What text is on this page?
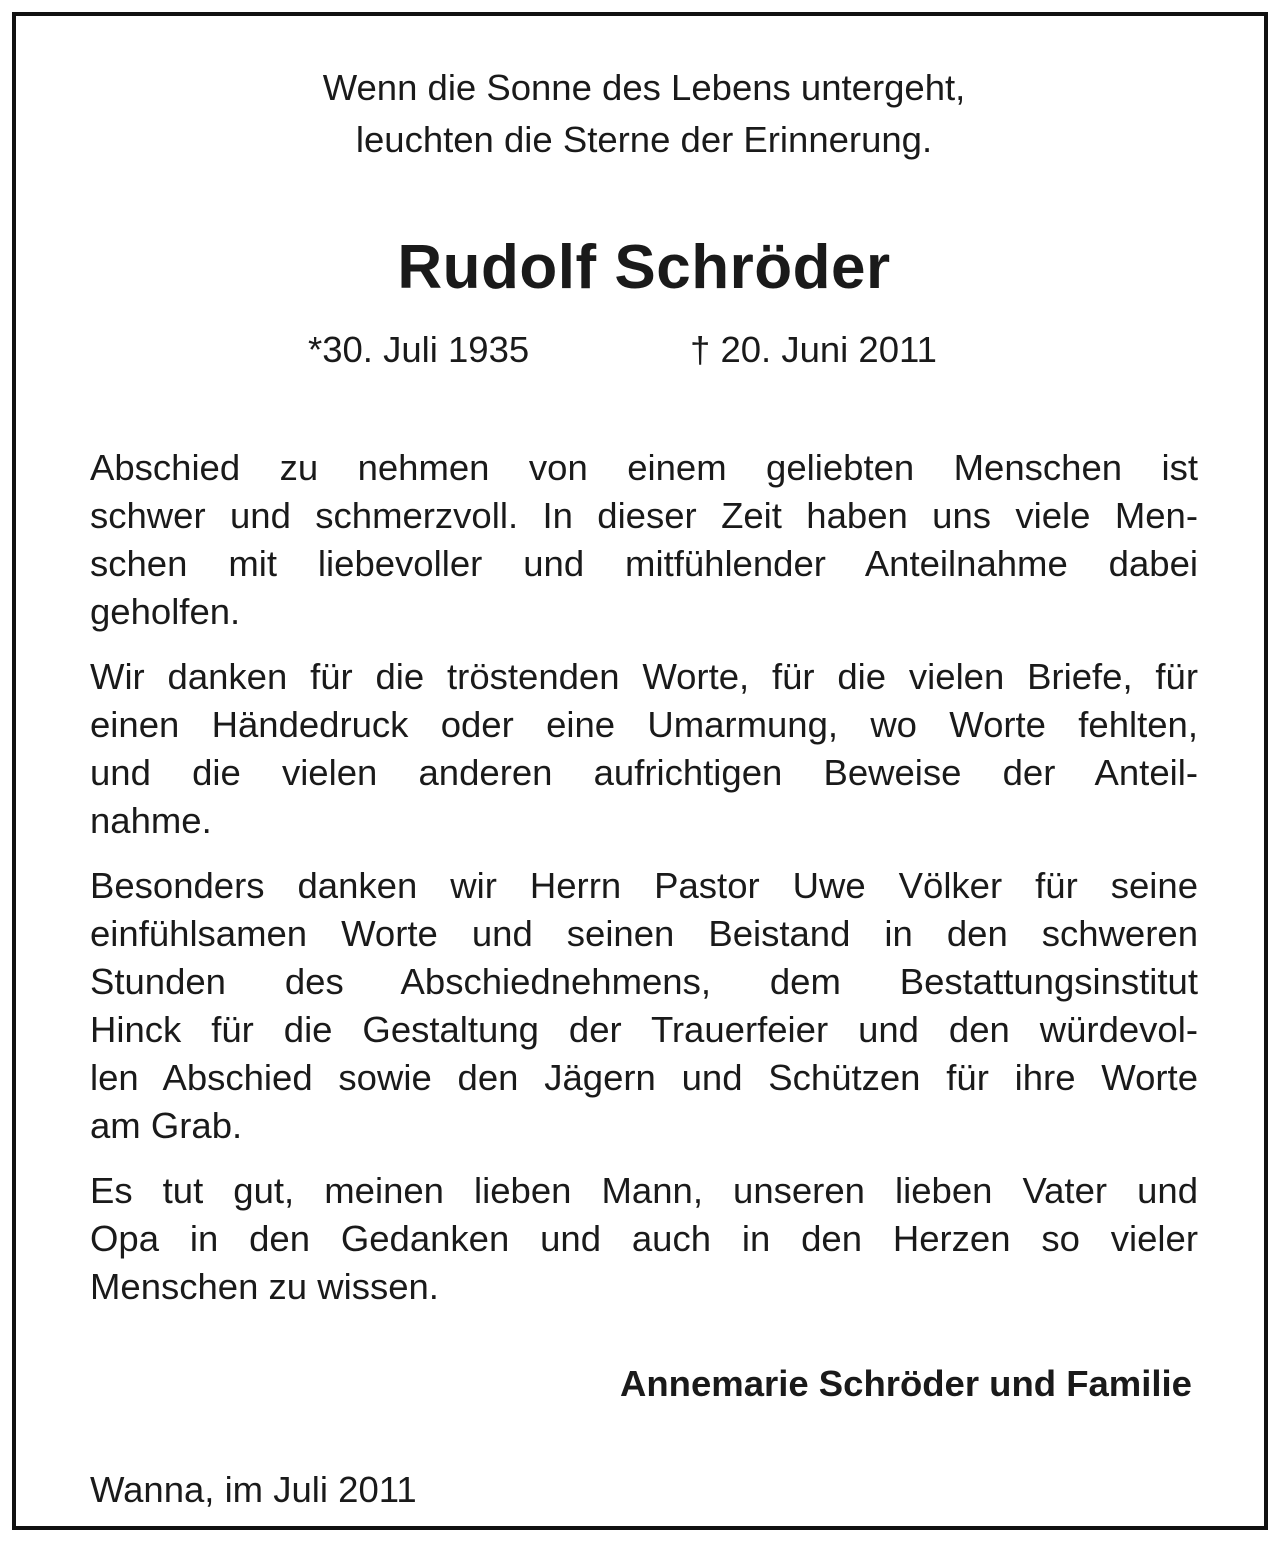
Wenn die Sonne des Lebens untergeht,
leuchten die Sterne der Erinnerung.
Rudolf Schröder
*30. Juli 1935	† 20. Juni 2011

Abschied zu nehmen von einem geliebten Menschen ist
schwer und schmerzvoll. In dieser Zeit haben uns viele Men-
schen mit liebevoller und mitfühlender Anteilnahme dabei
geholfen.

Wir danken für die tröstenden Worte, für die vielen Briefe, für
einen Händedruck oder eine Umarmung, wo Worte fehlten,
und die vielen anderen aufrichtigen Beweise der Anteil-
nahme.

Besonders danken wir Herrn Pastor Uwe Völker für seine
einfühlsamen Worte und seinen Beistand in den schweren
Stunden des Abschiednehmens, dem Bestattungsinstitut
Hinck für die Gestaltung der Trauerfeier und den würdevol-
len Abschied sowie den Jägern und Schützen für ihre Worte
am Grab.

Es tut gut, meinen lieben Mann, unseren lieben Vater und
Opa in den Gedanken und auch in den Herzen so vieler
Menschen zu wissen.

Annemarie Schröder und Familie
Wanna, im Juli 2011
